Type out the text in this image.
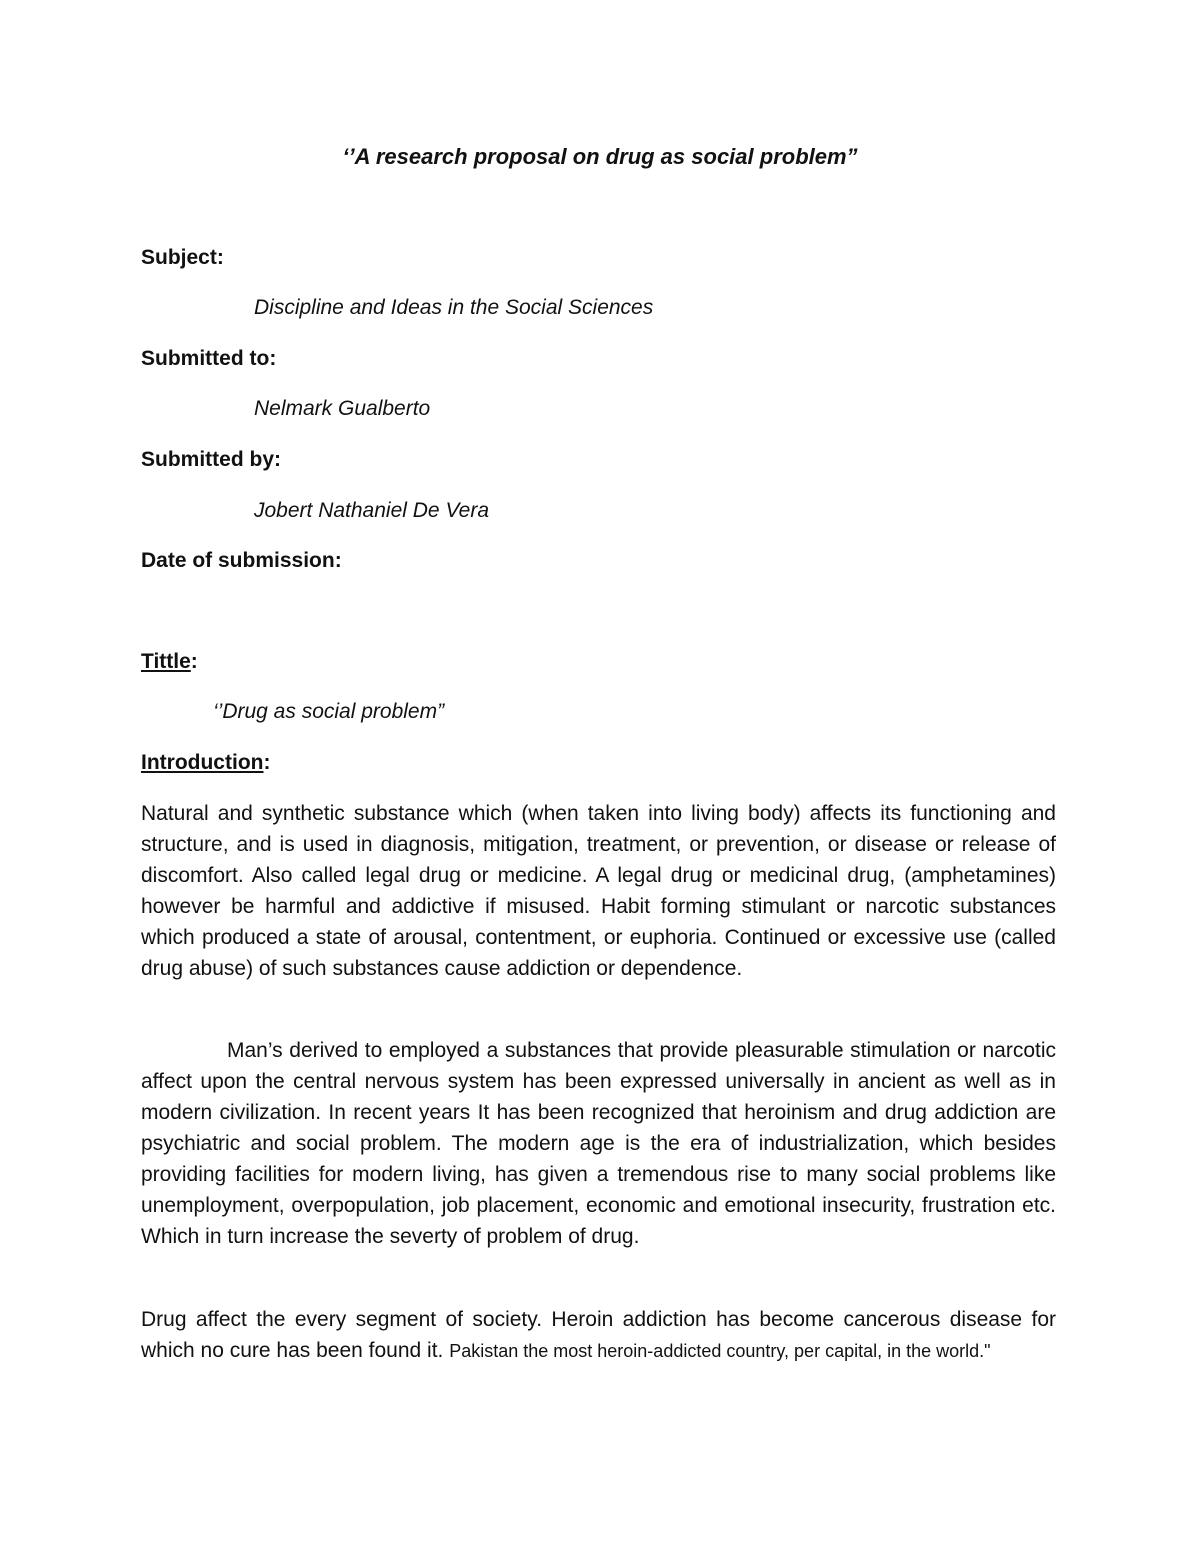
‘’A research proposal on drug as social problem”
Subject:
Discipline and Ideas in the Social Sciences
Submitted to:
Nelmark Gualberto
Submitted by:
Jobert Nathaniel De Vera
Date of submission:
Tittle:
‘’Drug as social problem”
Introduction:
Natural and synthetic substance which (when taken into living body) affects its functioning and structure, and is used in diagnosis, mitigation, treatment, or prevention, or disease or release of discomfort. Also called legal drug or medicine. A legal drug or medicinal drug, (amphetamines) however be harmful and addictive if misused. Habit forming stimulant or narcotic substances which produced a state of arousal, contentment, or euphoria. Continued or excessive use (called drug abuse) of such substances cause addiction or dependence.
Man’s derived to employed a substances that provide pleasurable stimulation or narcotic affect upon the central nervous system has been expressed universally in ancient as well as in modern civilization. In recent years It has been recognized that heroinism and drug addiction are psychiatric and social problem. The modern age is the era of industrialization, which besides providing facilities for modern living, has given a tremendous rise to many social problems like unemployment, overpopulation, job placement, economic and emotional insecurity, frustration etc. Which in turn increase the severty of problem of drug.
Drug affect the every segment of society. Heroin addiction has become cancerous disease for which no cure has been found it. Pakistan the most heroin-addicted country, per capital, in the world."
